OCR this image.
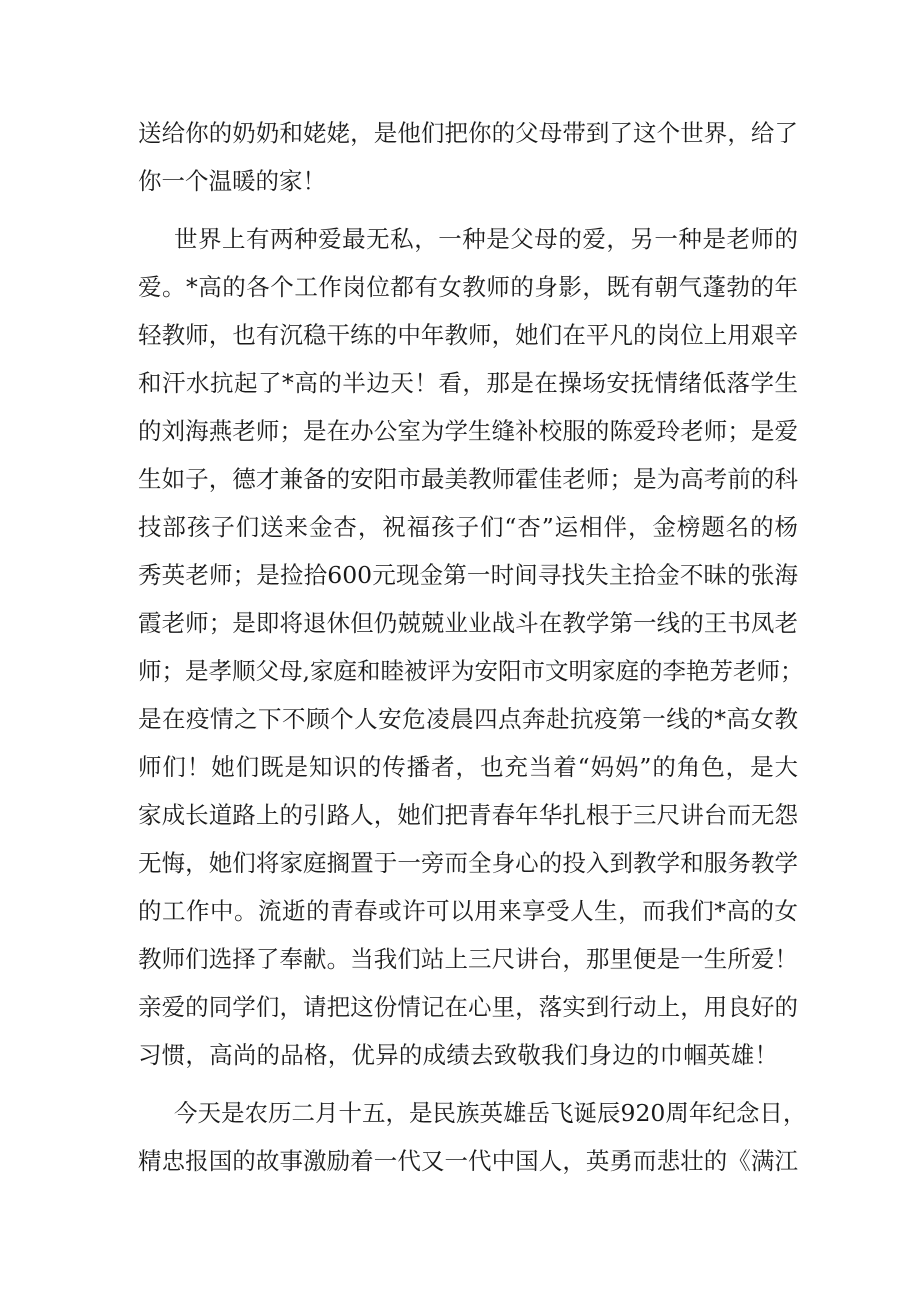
送给你的奶奶和姥姥，是他们把你的父母带到了这个世界，给了
你一个温暖的家！
世界上有两种爱最无私，一种是父母的爱，另一种是老师的
爱。*高的各个工作岗位都有女教师的身影，既有朝气蓬勃的年
轻教师，也有沉稳干练的中年教师，她们在平凡的岗位上用艰辛
和汗水抗起了*高的半边天！看，那是在操场安抚情绪低落学生
的刘海燕老师；是在办公室为学生缝补校服的陈爱玲老师；是爱
生如子，德才兼备的安阳市最美教师霍佳老师；是为高考前的科
技部孩子们送来金杏，祝福孩子们“杏”运相伴，金榜题名的杨
秀英老师；是捡拾600元现金第一时间寻找失主拾金不昧的张海
霞老师；是即将退休但仍兢兢业业战斗在教学第一线的王书凤老
师；是孝顺父母,家庭和睦被评为安阳市文明家庭的李艳芳老师；
是在疫情之下不顾个人安危凌晨四点奔赴抗疫第一线的*高女教
师们！她们既是知识的传播者，也充当着“妈妈”的角色，是大
家成长道路上的引路人，她们把青春年华扎根于三尺讲台而无怨
无悔，她们将家庭搁置于一旁而全身心的投入到教学和服务教学
的工作中。流逝的青春或许可以用来享受人生，而我们*高的女
教师们选择了奉献。当我们站上三尺讲台，那里便是一生所爱！
亲爱的同学们，请把这份情记在心里，落实到行动上，用良好的
习惯，高尚的品格，优异的成绩去致敬我们身边的巾帼英雄！
今天是农历二月十五，是民族英雄岳飞诞辰920周年纪念日，
精忠报国的故事激励着一代又一代中国人，英勇而悲壮的《满江
